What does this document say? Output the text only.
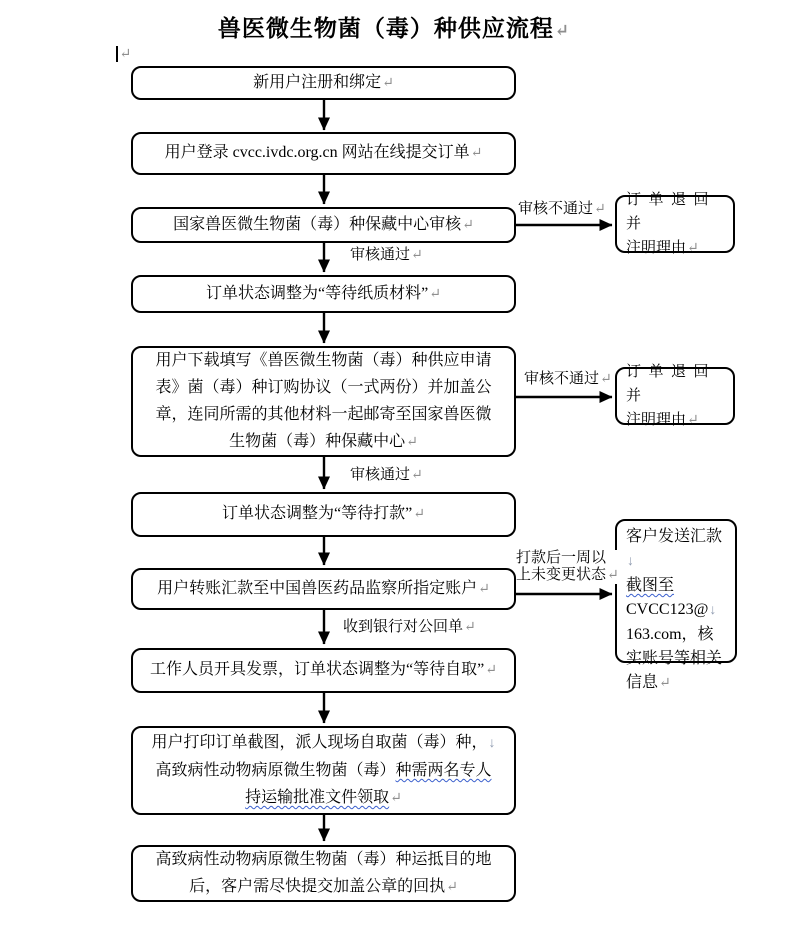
兽医微生物菌（毒）种供应流程↵
↵
新用户注册和绑定↵
用户登录 cvcc.ivdc.org.cn 网站在线提交订单↵
国家兽医微生物菌（毒）种保藏中心审核↵
订单状态调整为“等待纸质材料”↵
用户下载填写《兽医微生物菌（毒）种供应申请
表》菌（毒）种订购协议（一式两份）并加盖公
章，连同所需的其他材料一起邮寄至国家兽医微
生物菌（毒）种保藏中心↵
订单状态调整为“等待打款”↵
用户转账汇款至中国兽医药品监察所指定账户↵
工作人员开具发票，订单状态调整为“等待自取”↵
用户打印订单截图，派人现场自取菌（毒）种，↓
高致病性动物病原微生物菌（毒）种需两名专人
持运输批准文件领取↵
高致病性动物病原微生物菌（毒）种运抵目的地
后，客户需尽快提交加盖公章的回执↵
订单退回并
注明理由↵
订单退回并
注明理由↵
客户发送汇款↓
截图至
CVCC123@↓
163.com，核
实账号等相关
信息↵
审核不通过↵
审核通过↵
审核不通过↵
审核通过↵
打款后一周以
上未变更状态↵
收到银行对公回单↵
